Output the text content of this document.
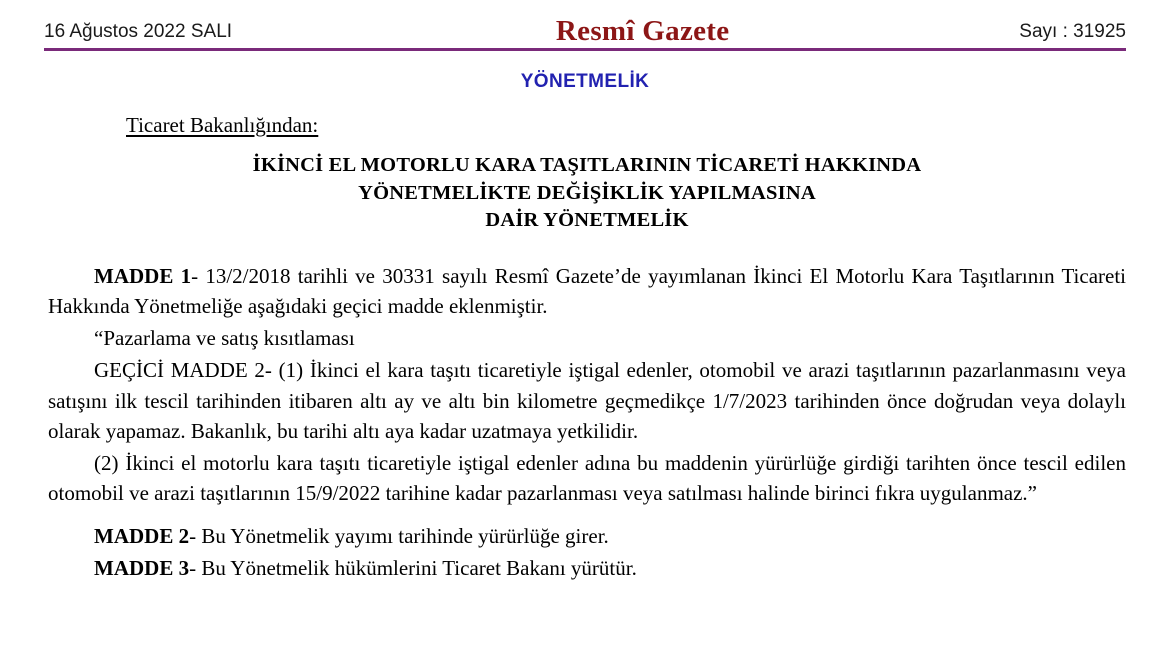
16 Ağustos 2022 SALI	Resmî Gazete	Sayı : 31925
YÖNETMELİK

Ticaret Bakanlığından:

İKİNCİ EL MOTORLU KARA TAŞITLARININ TİCARETİ HAKKINDA
YÖNETMELİKTE DEĞİŞİKLİK YAPILMASINA
DAİR YÖNETMELİK

MADDE 1- 13/2/2018 tarihli ve 30331 sayılı Resmî Gazete’de yayımlanan İkinci El Motorlu Kara Taşıtlarının Ticareti Hakkında Yönetmeliğe aşağıdaki geçici madde eklenmiştir.

“Pazarlama ve satış kısıtlaması

GEÇİCİ MADDE 2- (1) İkinci el kara taşıtı ticaretiyle iştigal edenler, otomobil ve arazi taşıtlarının pazarlanmasını veya satışını ilk tescil tarihinden itibaren altı ay ve altı bin kilometre geçmedikçe 1/7/2023 tarihinden önce doğrudan veya dolaylı olarak yapamaz. Bakanlık, bu tarihi altı aya kadar uzatmaya yetkilidir.

(2) İkinci el motorlu kara taşıtı ticaretiyle iştigal edenler adına bu maddenin yürürlüğe girdiği tarihten önce tescil edilen otomobil ve arazi taşıtlarının 15/9/2022 tarihine kadar pazarlanması veya satılması halinde birinci fıkra uygulanmaz.”

MADDE 2- Bu Yönetmelik yayımı tarihinde yürürlüğe girer.

MADDE 3- Bu Yönetmelik hükümlerini Ticaret Bakanı yürütür.
